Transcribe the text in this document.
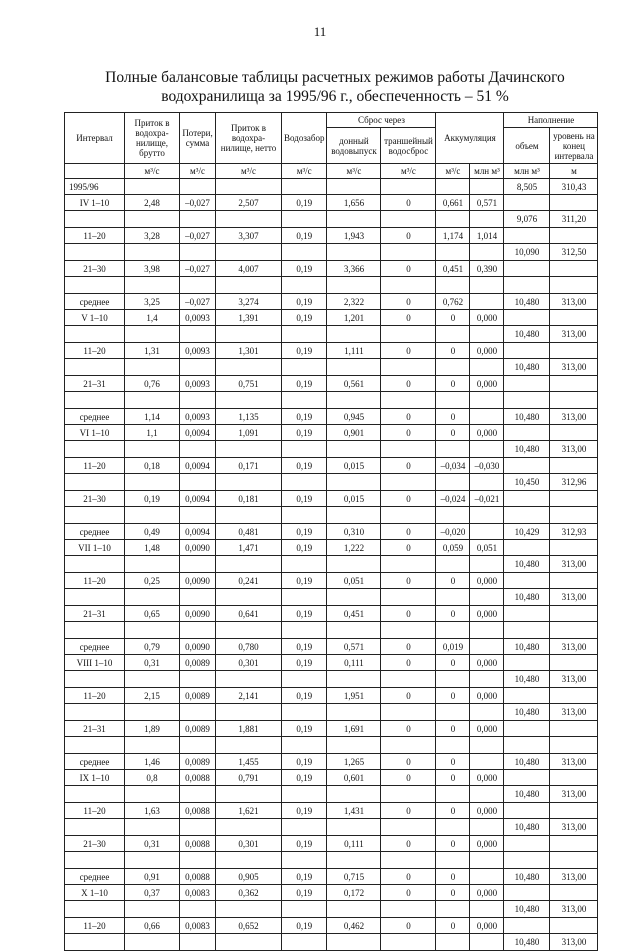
11
Полные балансовые таблицы расчетных режимов работы Дачинского
водохранилища за 1995/96 г., обеспеченность – 51 %
Интервал	Приток в водохра-нилище, брутто	Потери, сумма	Приток в водохра-нилище, нетто	Водозабор	Сброс через		Аккумуляция		Наполнение	
					донный водовыпуск	траншейный водосброс			объем	уровень на конец интервала
	м³/с	м³/с	м³/с	м³/с	м³/с	м³/с	м³/с	млн м³	млн м³	м
1995/96									8,505	310,43
IV 1–10	2,48	–0,027	2,507	0,19	1,656	0	0,661	0,571		
									9,076	311,20
11–20	3,28	–0,027	3,307	0,19	1,943	0	1,174	1,014		
									10,090	312,50
21–30	3,98	–0,027	4,007	0,19	3,366	0	0,451	0,390		

среднее	3,25	–0,027	3,274	0,19	2,322	0	0,762		10,480	313,00
V 1–10	1,4	0,0093	1,391	0,19	1,201	0	0	0,000		
									10,480	313,00
11–20	1,31	0,0093	1,301	0,19	1,111	0	0	0,000		
									10,480	313,00
21–31	0,76	0,0093	0,751	0,19	0,561	0	0	0,000		

среднее	1,14	0,0093	1,135	0,19	0,945	0	0		10,480	313,00
VI 1–10	1,1	0,0094	1,091	0,19	0,901	0	0	0,000		
									10,480	313,00
11–20	0,18	0,0094	0,171	0,19	0,015	0	–0,034	–0,030		
									10,450	312,96
21–30	0,19	0,0094	0,181	0,19	0,015	0	–0,024	–0,021		

среднее	0,49	0,0094	0,481	0,19	0,310	0	–0,020		10,429	312,93
VII 1–10	1,48	0,0090	1,471	0,19	1,222	0	0,059	0,051		
									10,480	313,00
11–20	0,25	0,0090	0,241	0,19	0,051	0	0	0,000		
									10,480	313,00
21–31	0,65	0,0090	0,641	0,19	0,451	0	0	0,000		

среднее	0,79	0,0090	0,780	0,19	0,571	0	0,019		10,480	313,00
VIII 1–10	0,31	0,0089	0,301	0,19	0,111	0	0	0,000		
									10,480	313,00
11–20	2,15	0,0089	2,141	0,19	1,951	0	0	0,000		
									10,480	313,00
21–31	1,89	0,0089	1,881	0,19	1,691	0	0	0,000		

среднее	1,46	0,0089	1,455	0,19	1,265	0	0		10,480	313,00
IX 1–10	0,8	0,0088	0,791	0,19	0,601	0	0	0,000		
									10,480	313,00
11–20	1,63	0,0088	1,621	0,19	1,431	0	0	0,000		
									10,480	313,00
21–30	0,31	0,0088	0,301	0,19	0,111	0	0	0,000		

среднее	0,91	0,0088	0,905	0,19	0,715	0	0		10,480	313,00
X 1–10	0,37	0,0083	0,362	0,19	0,172	0	0	0,000		
									10,480	313,00
11–20	0,66	0,0083	0,652	0,19	0,462	0	0	0,000		
									10,480	313,00
